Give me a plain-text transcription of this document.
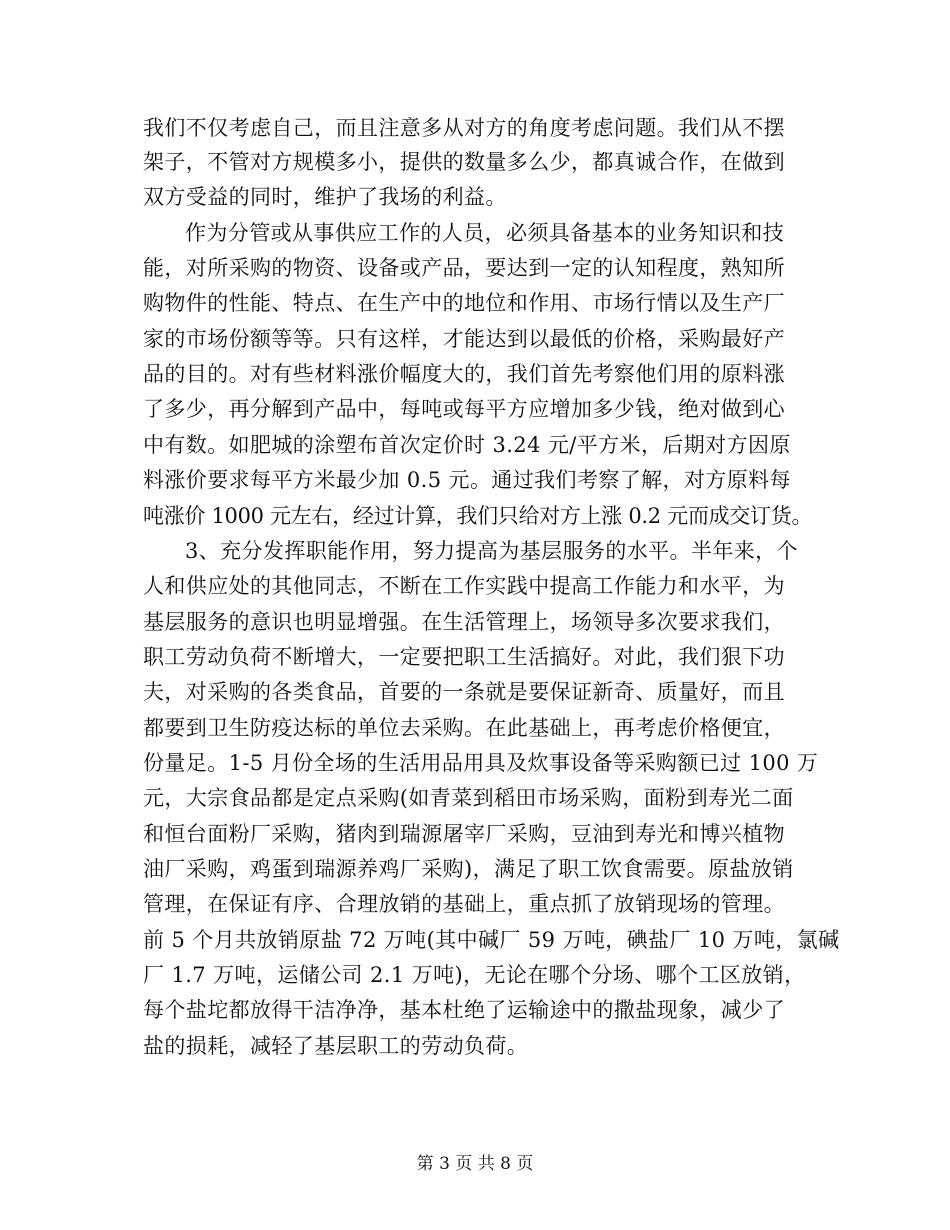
我们不仅考虑自己，而且注意多从对方的角度考虑问题。我们从不摆
架子，不管对方规模多小，提供的数量多么少，都真诚合作，在做到
双方受益的同时，维护了我场的利益。
作为分管或从事供应工作的人员，必须具备基本的业务知识和技
能，对所采购的物资、设备或产品，要达到一定的认知程度，熟知所
购物件的性能、特点、在生产中的地位和作用、市场行情以及生产厂
家的市场份额等等。只有这样，才能达到以最低的价格，采购最好产
品的目的。对有些材料涨价幅度大的，我们首先考察他们用的原料涨
了多少，再分解到产品中，每吨或每平方应增加多少钱，绝对做到心
中有数。如肥城的涂塑布首次定价时 3.24 元/平方米，后期对方因原
料涨价要求每平方米最少加 0.5 元。通过我们考察了解，对方原料每
吨涨价 1000 元左右，经过计算，我们只给对方上涨 0.2 元而成交订货。
3、充分发挥职能作用，努力提高为基层服务的水平。半年来，个
人和供应处的其他同志，不断在工作实践中提高工作能力和水平，为
基层服务的意识也明显增强。在生活管理上，场领导多次要求我们，
职工劳动负荷不断增大，一定要把职工生活搞好。对此，我们狠下功
夫，对采购的各类食品，首要的一条就是要保证新奇、质量好，而且
都要到卫生防疫达标的单位去采购。在此基础上，再考虑价格便宜，
份量足。1-5 月份全场的生活用品用具及炊事设备等采购额已过 100 万
元，大宗食品都是定点采购(如青菜到稻田市场采购，面粉到寿光二面
和恒台面粉厂采购，猪肉到瑞源屠宰厂采购，豆油到寿光和博兴植物
油厂采购，鸡蛋到瑞源养鸡厂采购)，满足了职工饮食需要。原盐放销
管理，在保证有序、合理放销的基础上，重点抓了放销现场的管理。
前 5 个月共放销原盐 72 万吨(其中碱厂 59 万吨，碘盐厂 10 万吨，氯碱
厂 1.7 万吨，运储公司 2.1 万吨)，无论在哪个分场、哪个工区放销，
每个盐坨都放得干洁净净，基本杜绝了运输途中的撒盐现象，减少了
盐的损耗，减轻了基层职工的劳动负荷。
第 3 页 共 8 页
